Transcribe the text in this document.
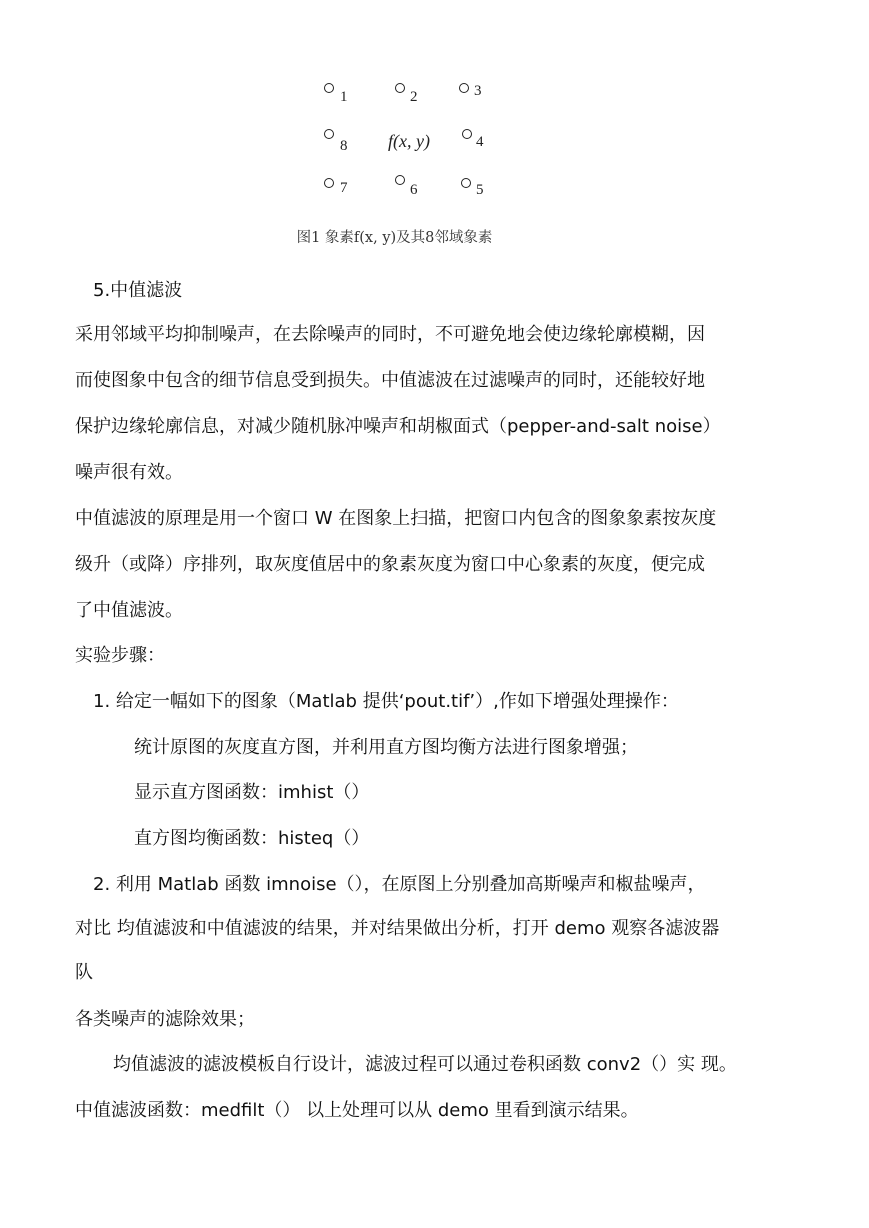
1	2	3
8 f(x, y)	4
7	6	5
图1 象素f(x, y)及其8邻域象素
5.中值滤波
采用邻域平均抑制噪声，在去除噪声的同时，不可避免地会使边缘轮廓模糊，因
而使图象中包含的细节信息受到损失。中值滤波在过滤噪声的同时，还能较好地
保护边缘轮廓信息，对减少随机脉冲噪声和胡椒面式（pepper-and-salt noise）
噪声很有效。
中值滤波的原理是用一个窗口 W 在图象上扫描，把窗口内包含的图象象素按灰度
级升（或降）序排列，取灰度值居中的象素灰度为窗口中心象素的灰度，便完成
了中值滤波。
实验步骤：
1. 给定一幅如下的图象（Matlab 提供‘pout.tif’）,作如下增强处理操作：
统计原图的灰度直方图，并利用直方图均衡方法进行图象增强；
显示直方图函数：imhist（）
直方图均衡函数：histeq（）
2. 利用 Matlab 函数 imnoise（），在原图上分别叠加高斯噪声和椒盐噪声，
对比 均值滤波和中值滤波的结果，并对结果做出分析，打开 demo 观察各滤波器
队
各类噪声的滤除效果；
均值滤波的滤波模板自行设计，滤波过程可以通过卷积函数 conv2（）实 现。
中值滤波函数：medfilt（） 以上处理可以从 demo 里看到演示结果。
